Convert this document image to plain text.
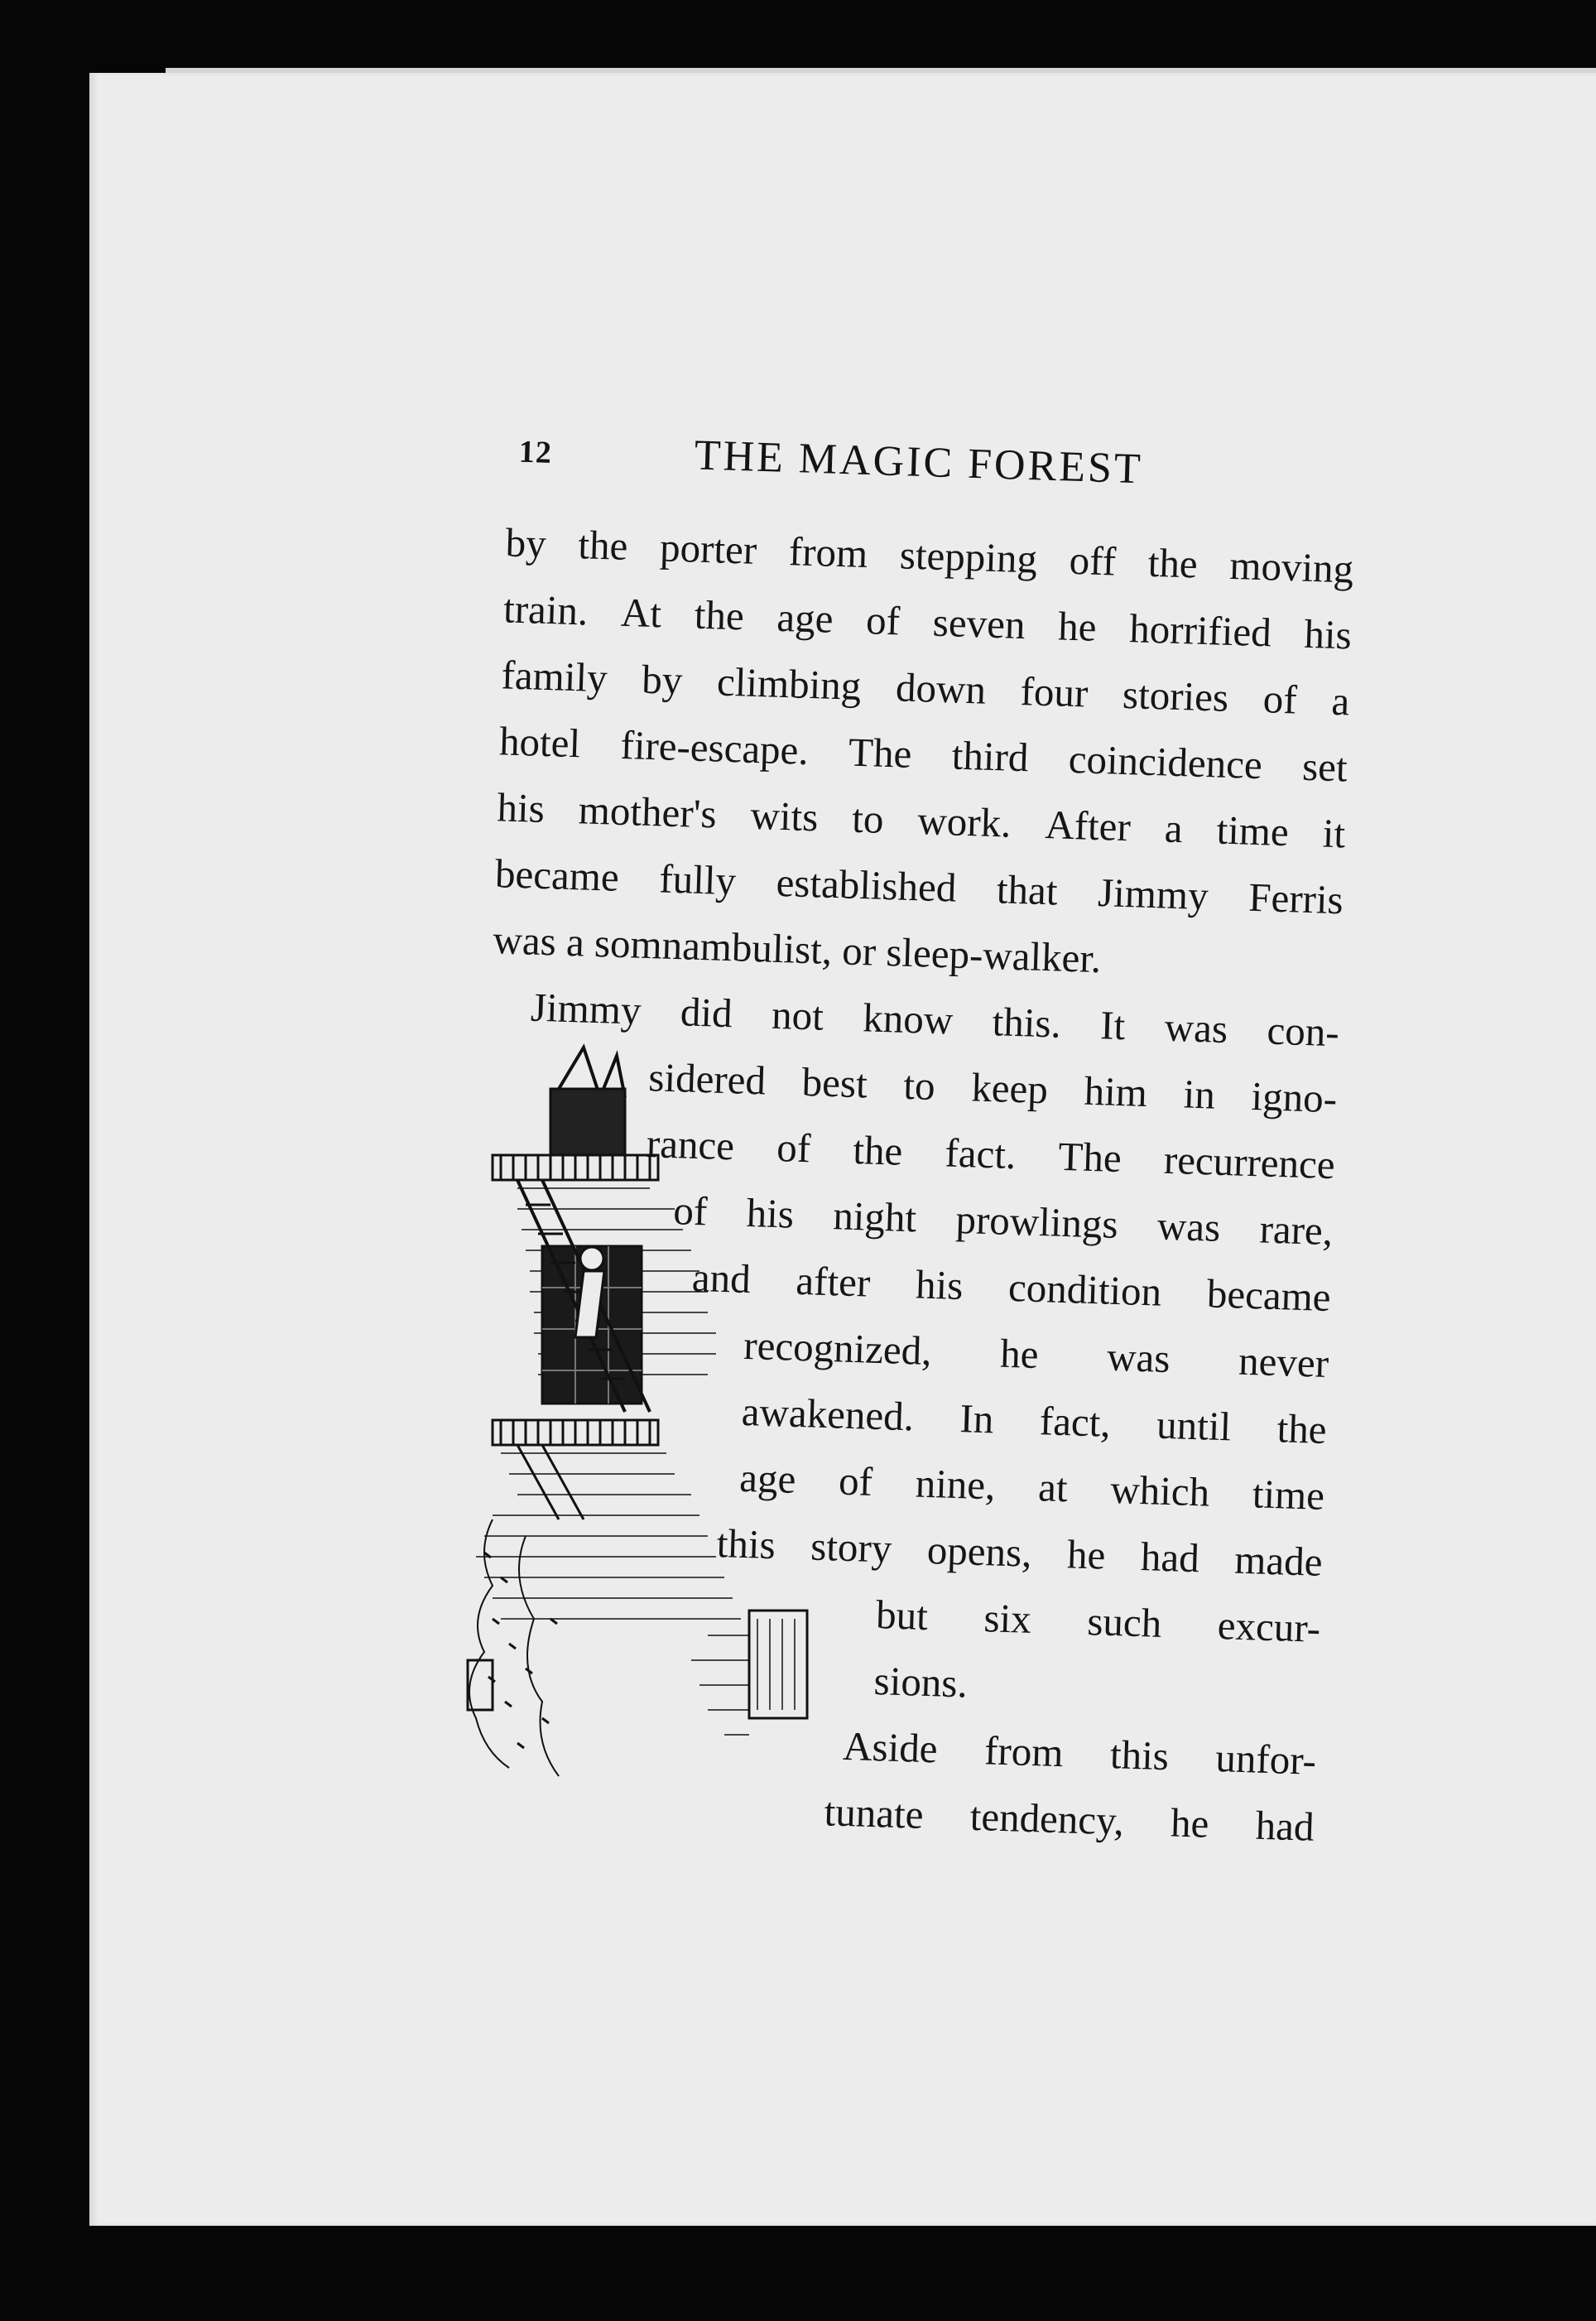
12	THE MAGIC FOREST
by the porter from stepping off the moving
train. At the age of seven he horrified his
family by climbing down four stories of a
hotel fire-escape. The third coincidence set
his mother's wits to work. After a time it
became fully established that Jimmy Ferris
was
a
somnambulist,
or
sleep-walker.
Jimmy did not know this. It was con-
sidered best to keep him in igno-
rance of the fact. The recurrence
of his night prowlings was rare,
and after his condition became
recognized, he was never
awakened. In fact, until the
age of nine, at which time
this story opens, he had made
but six such excur-
sions.
Aside from this unfor-
tunate tendency, he had
